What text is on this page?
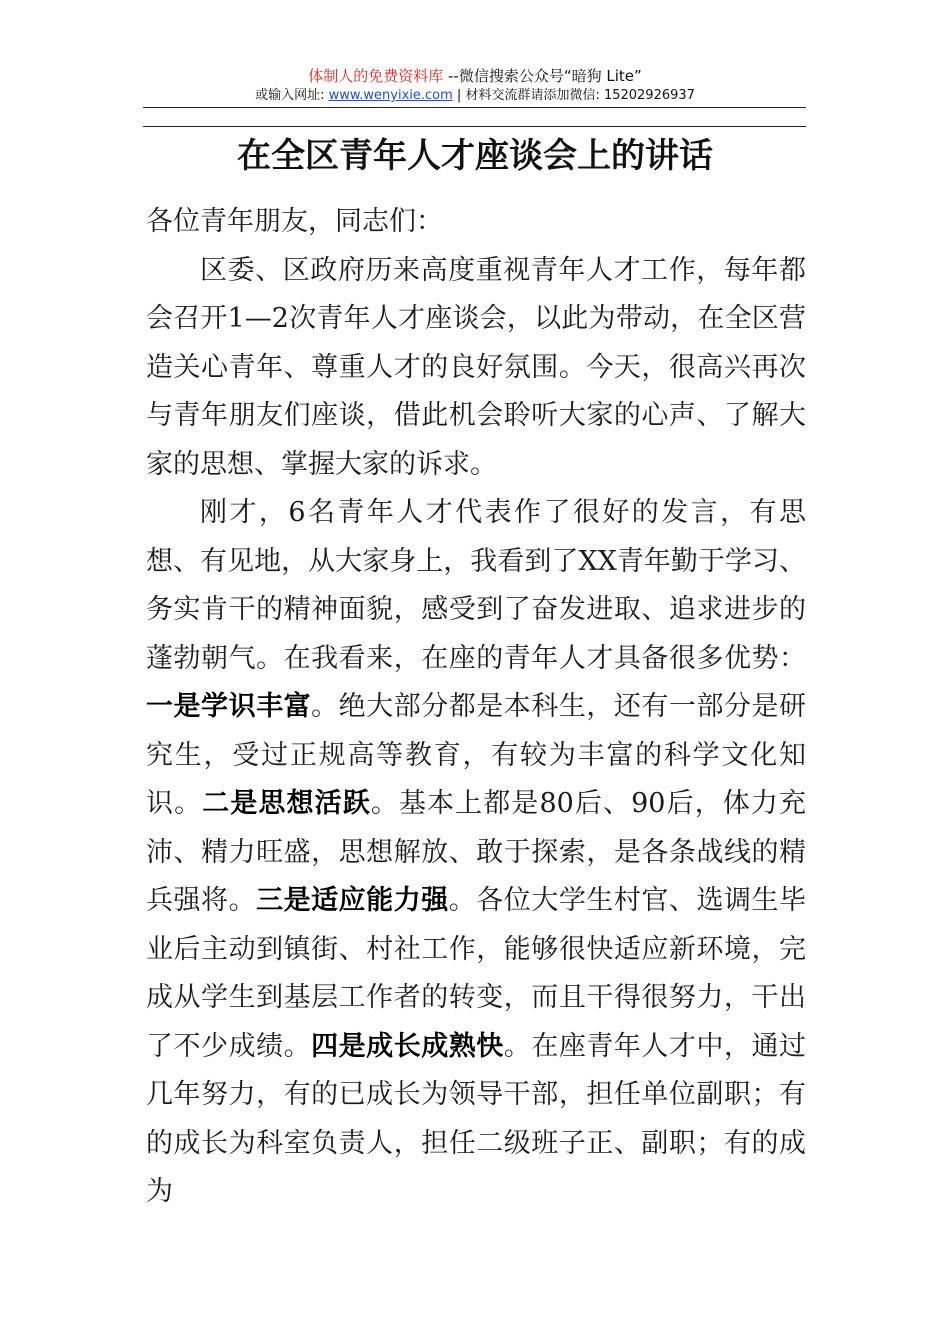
体制人的免费资料库 --微信搜索公众号“暗狗 Lite”
或输入网址: www.wenyixie.com | 材料交流群请添加微信: 15202926937
在全区青年人才座谈会上的讲话

各位青年朋友，同志们：

区委、区政府历来高度重视青年人才工作，每年都会召开1—2次青年人才座谈会，以此为带动，在全区营造关心青年、尊重人才的良好氛围。今天，很高兴再次与青年朋友们座谈，借此机会聆听大家的心声、了解大家的思想、掌握大家的诉求。

刚才，6名青年人才代表作了很好的发言，有思想、有见地，从大家身上，我看到了XX青年勤于学习、务实肯干的精神面貌，感受到了奋发进取、追求进步的蓬勃朝气。在我看来，在座的青年人才具备很多优势：一是学识丰富。绝大部分都是本科生，还有一部分是研究生，受过正规高等教育，有较为丰富的科学文化知识。二是思想活跃。基本上都是80后、90后，体力充沛、精力旺盛，思想解放、敢于探索，是各条战线的精兵强将。三是适应能力强。各位大学生村官、选调生毕业后主动到镇街、村社工作，能够很快适应新环境，完成从学生到基层工作者的转变，而且干得很努力，干出了不少成绩。四是成长成熟快。在座青年人才中，通过几年努力，有的已成长为领导干部，担任单位副职；有的成长为科室负责人，担任二级班子正、副职；有的成为
